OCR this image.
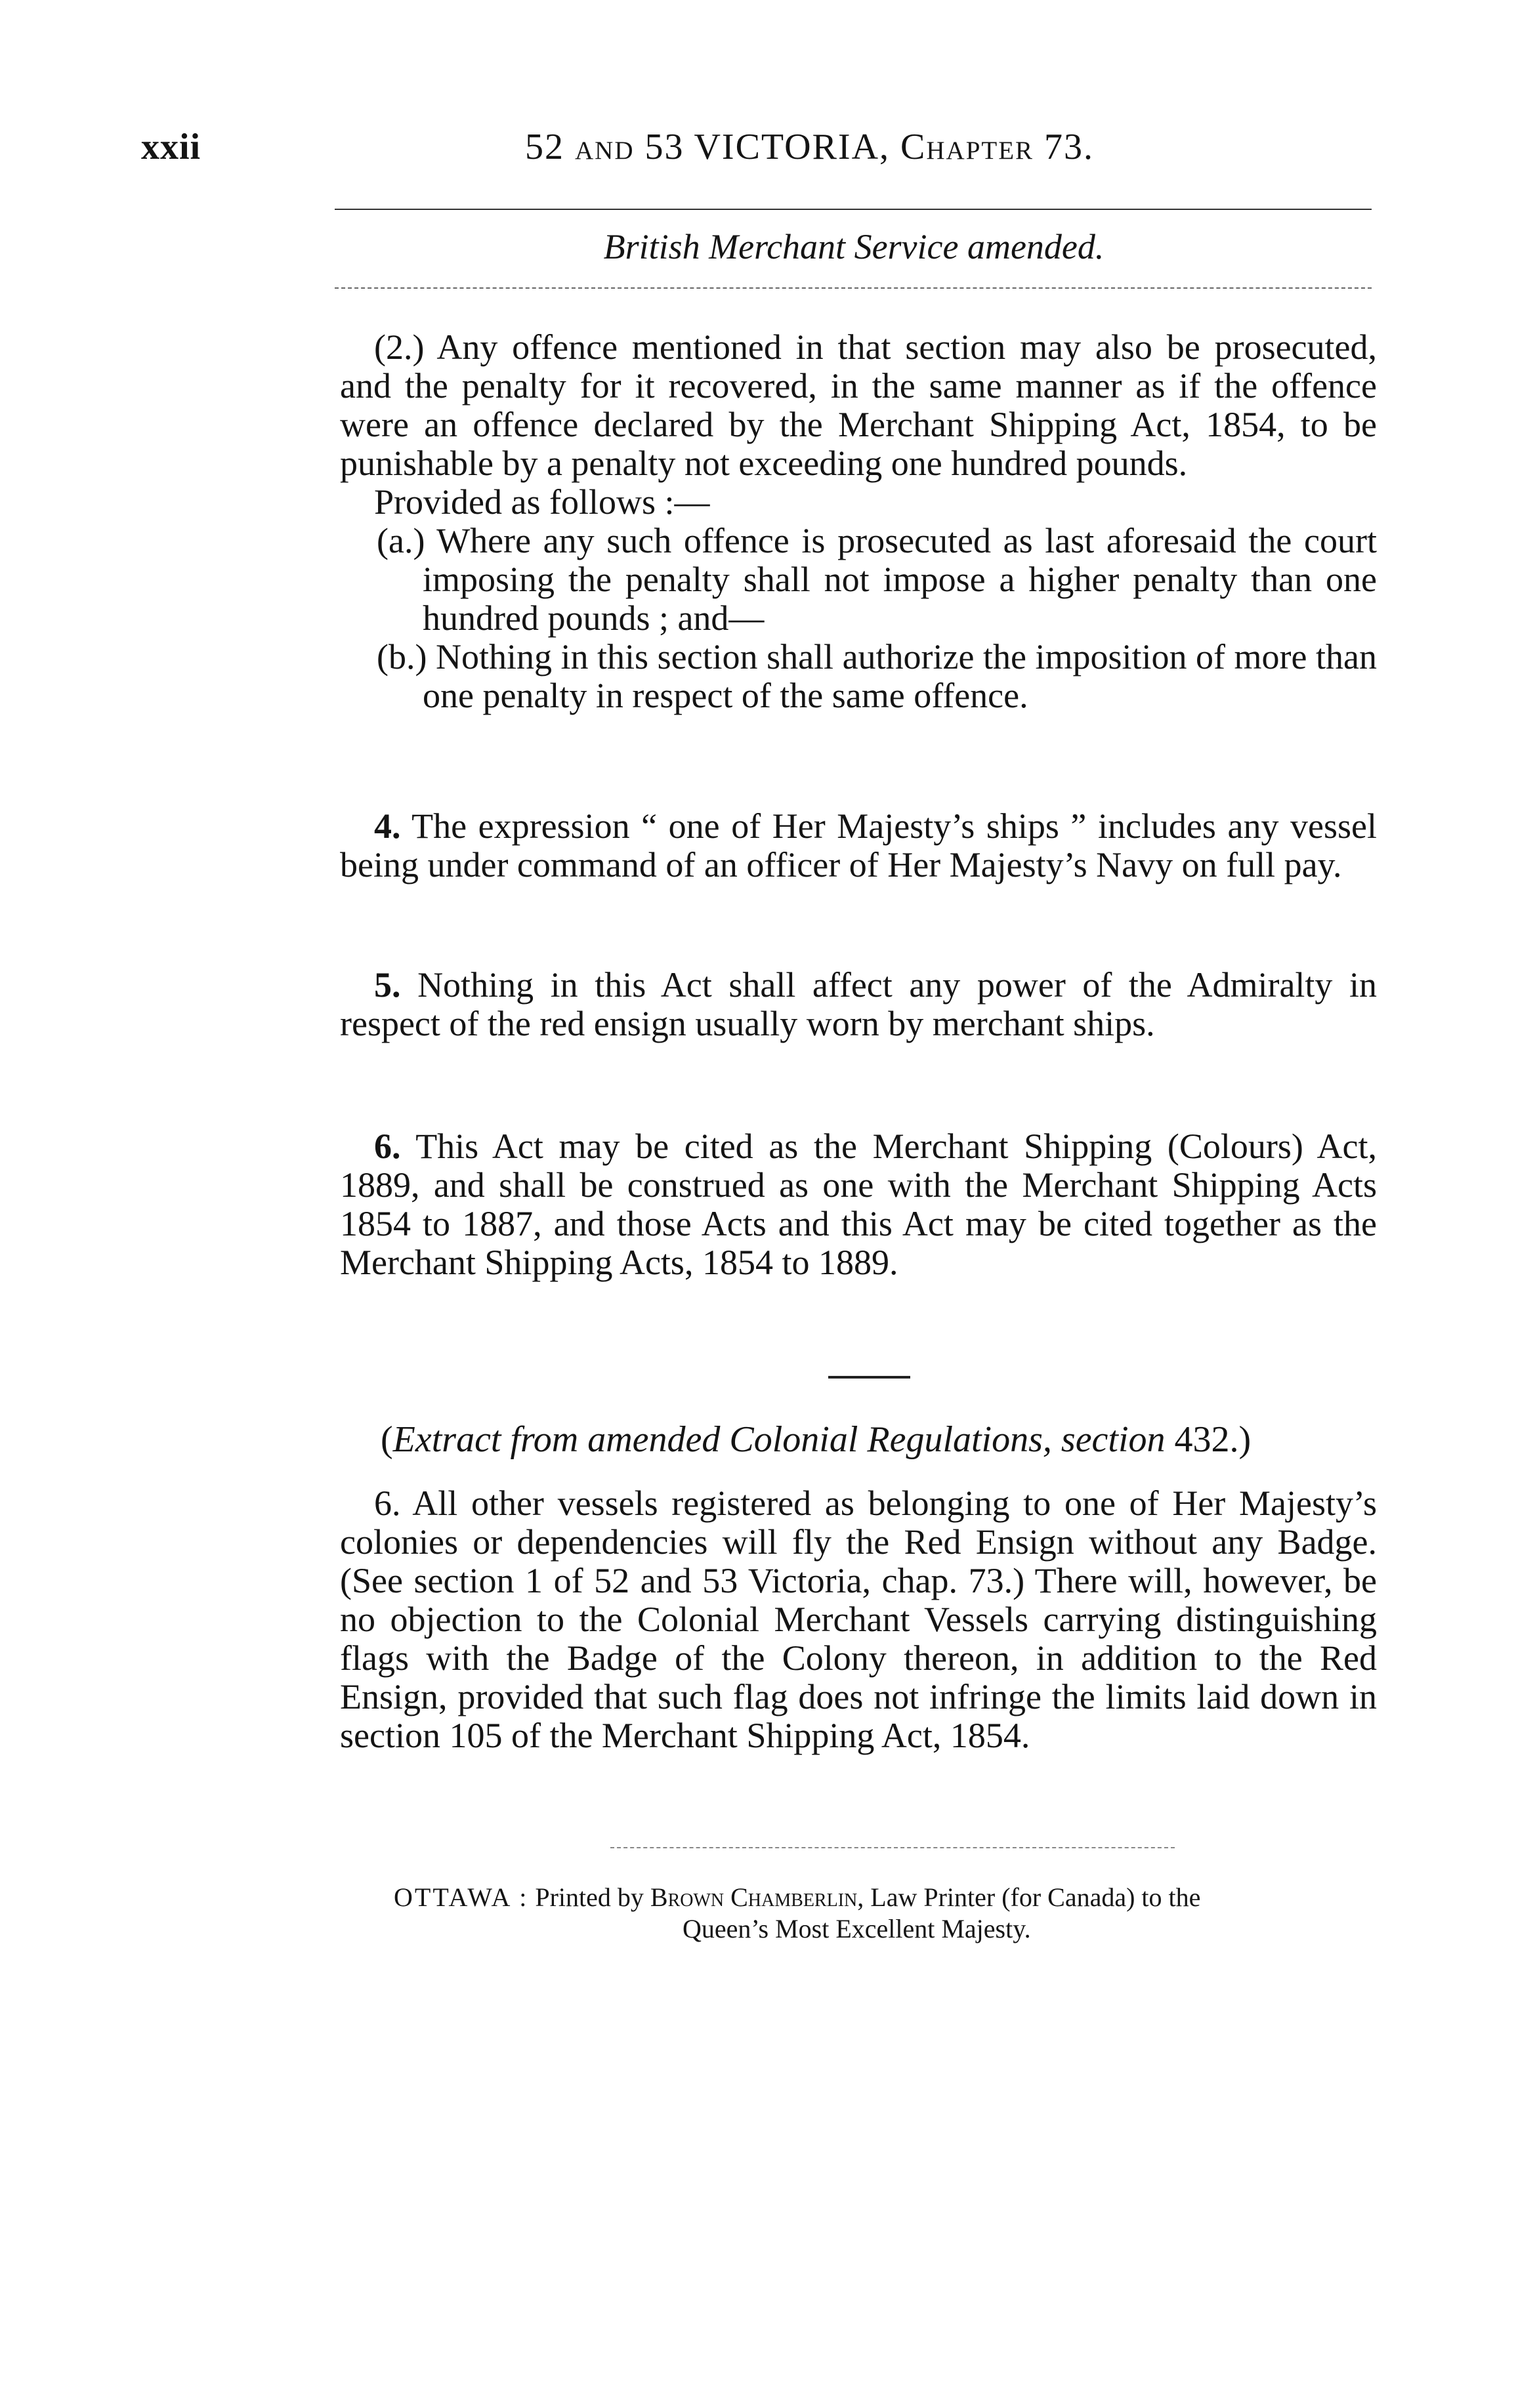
xxii	52 and 53 VICTORIA, Chapter 73.
British Merchant Service amended.

(2.) Any offence mentioned in that section may also be prosecuted, and the penalty for it recovered, in the same manner as if the offence were an offence declared by the Merchant Shipping Act, 1854, to be punishable by a penalty not exceeding one hundred pounds.

Provided as follows :—

(a.) Where any such offence is prosecuted as last aforesaid the court imposing the penalty shall not impose a higher penalty than one hundred pounds ; and—

(b.) Nothing in this section shall authorize the imposition of more than one penalty in respect of the same offence.

4. The expression “ one of Her Majesty’s ships ” includes any vessel being under command of an officer of Her Majesty’s Navy on full pay.

5. Nothing in this Act shall affect any power of the Admiralty in respect of the red ensign usually worn by merchant ships.

6. This Act may be cited as the Merchant Shipping (Colours) Act, 1889, and shall be construed as one with the Merchant Shipping Acts 1854 to 1887, and those Acts and this Act may be cited together as the Merchant Shipping Acts, 1854 to 1889.

(Extract from amended Colonial Regulations, section 432.)

6. All other vessels registered as belonging to one of Her Majesty’s colonies or dependencies will fly the Red Ensign without any Badge. (See section 1 of 52 and 53 Victoria, chap. 73.) There will, however, be no objection to the Colonial Merchant Vessels carrying distinguishing flags with the Badge of the Colony thereon, in addition to the Red Ensign, provided that such flag does not infringe the limits laid down in section 105 of the Merchant Shipping Act, 1854.

OTTAWA : Printed by Brown Chamberlin, Law Printer (for Canada) to the
Queen’s Most Excellent Majesty.
